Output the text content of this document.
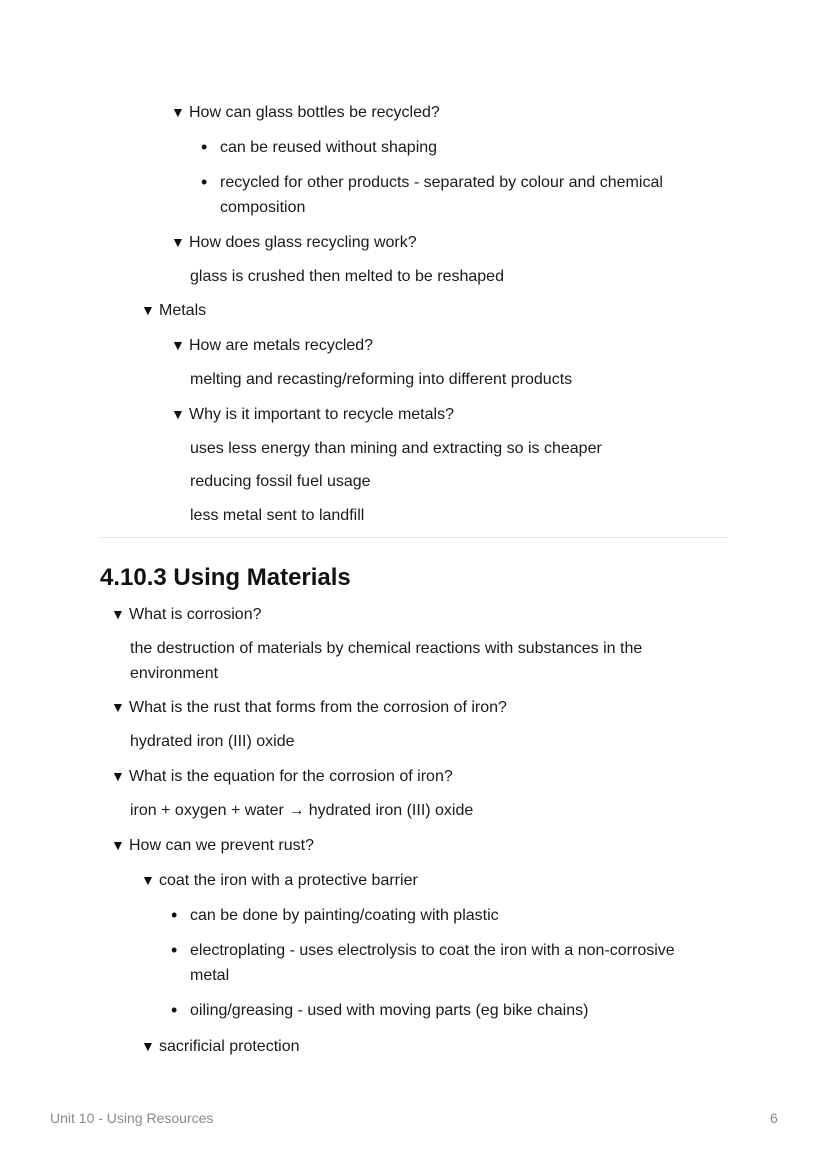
▼ How can glass bottles be recycled?
• can be reused without shaping
• recycled for other products - separated by colour and chemical
composition
▼ How does glass recycling work?
glass is crushed then melted to be reshaped
▼ Metals
▼ How are metals recycled?
melting and recasting/reforming into different products
▼ Why is it important to recycle metals?
uses less energy than mining and extracting so is cheaper
reducing fossil fuel usage
less metal sent to landfill
4.10.3 Using Materials
▼ What is corrosion?
the destruction of materials by chemical reactions with substances in the
environment
▼ What is the rust that forms from the corrosion of iron?
hydrated iron (III) oxide
▼ What is the equation for the corrosion of iron?
iron + oxygen + water → hydrated iron (III) oxide
▼ How can we prevent rust?
▼ coat the iron with a protective barrier
• can be done by painting/coating with plastic
• electroplating - uses electrolysis to coat the iron with a non-corrosive
metal
• oiling/greasing - used with moving parts (eg bike chains)
▼ sacrificial protection
Unit 10 - Using Resources	6
